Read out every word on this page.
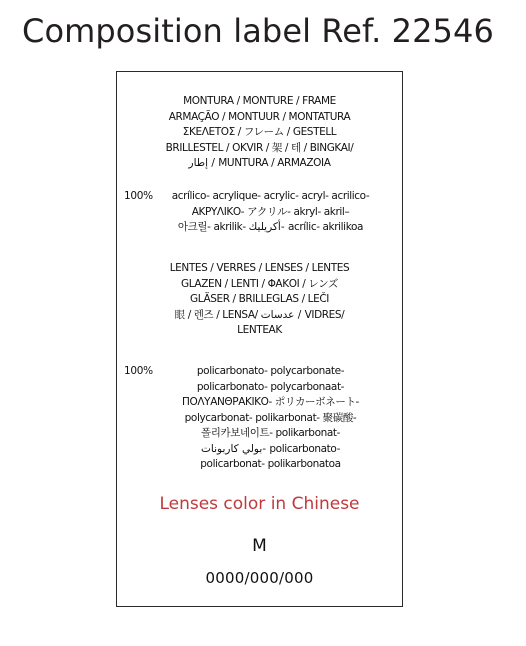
Composition label Ref. 22546
MONTURA / MONTURE / FRAME
ARMAÇÃO / MONTUUR / MONTATURA
ΣΚΕΛΕΤΟΣ / フレーム / GESTELL
BRILLESTEL / OKVIR / 架 / 테 / BINGKAI/
إطار / MUNTURA / ARMAZOIA
100%	acrílico- acrylique- acrylic- acryl- acrilico-
ΑΚΡΥΛΙΚΟ- アクリル- akryl- akril–
아크릴- akrilik- أكريليك- acrílic- akrilikoa
LENTES / VERRES / LENSES / LENTES
GLAZEN / LENTI / ΦΑΚΟΙ / レンズ
GLÄSER / BRILLEGLAS / LEČI
眼 / 렌즈 / LENSA/ عدسات / VIDRES/
LENTEAK
100%	policarbonato- polycarbonate-
policarbonato- polycarbonaat-
ΠΟΛΥΑΝΘΡΑΚΙΚΟ- ポリカーボネート-
polycarbonat- polikarbonat- 聚碳酸-
폴리카보네이트- polikarbonat-
بولي كاربونات- policarbonato-
policarbonat- polikarbonatoa
Lenses color in Chinese
M
0000/000/000
